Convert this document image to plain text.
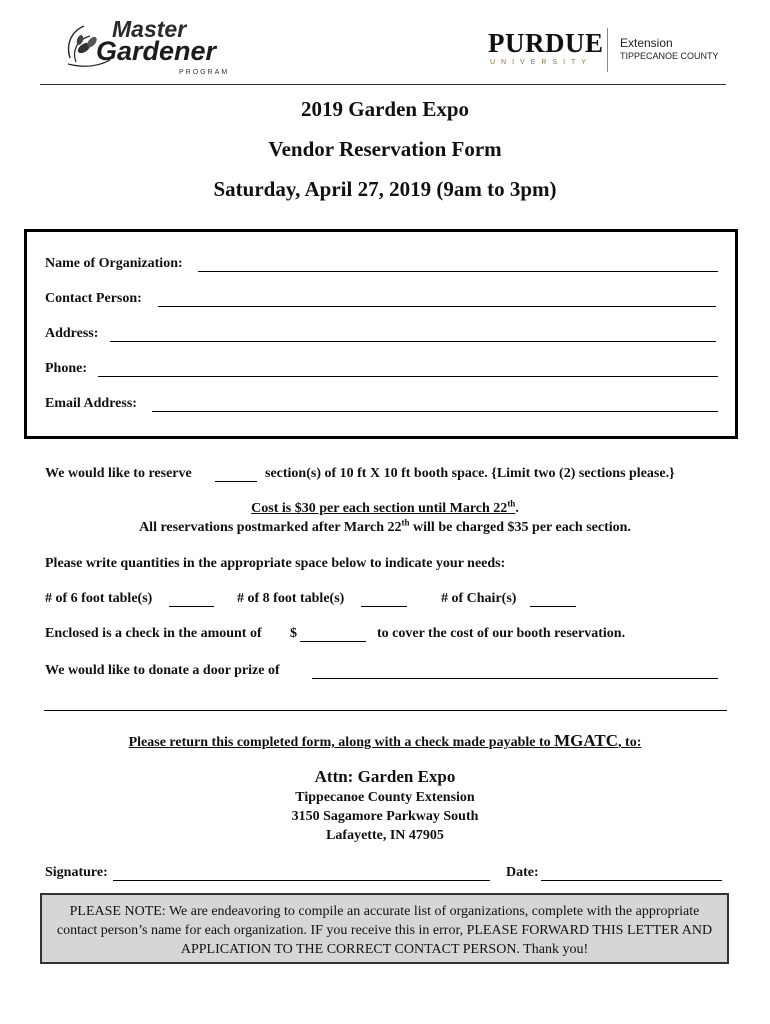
Master
Gardener
PROGRAM
PURDUE
UNIVERSITY
Extension
TIPPECANOE COUNTY
2019 Garden Expo
Vendor Reservation Form
Saturday, April 27, 2019 (9am to 3pm)
Name of Organization:
Contact Person:
Address:
Phone:
Email Address:
We would like to reserve	section(s) of 10 ft X 10 ft booth space. {Limit two (2) sections please.}
Cost is $30 per each section until March 22th.
All reservations postmarked after March 22th will be charged $35 per each section.
Please write quantities in the appropriate space below to indicate your needs:
# of 6 foot table(s)	# of 8 foot table(s)	# of Chair(s)
Enclosed is a check in the amount of $	to cover the cost of our booth reservation.
We would like to donate a door prize of
Please return this completed form, along with a check made payable to MGATC, to:
Attn: Garden Expo
Tippecanoe County Extension
3150 Sagamore Parkway South
Lafayette, IN 47905
Signature:	Date:
PLEASE NOTE: We are endeavoring to compile an accurate list of organizations, complete with the appropriate contact person’s name for each organization. IF you receive this in error, PLEASE FORWARD THIS LETTER AND APPLICATION TO THE CORRECT CONTACT PERSON. Thank you!
